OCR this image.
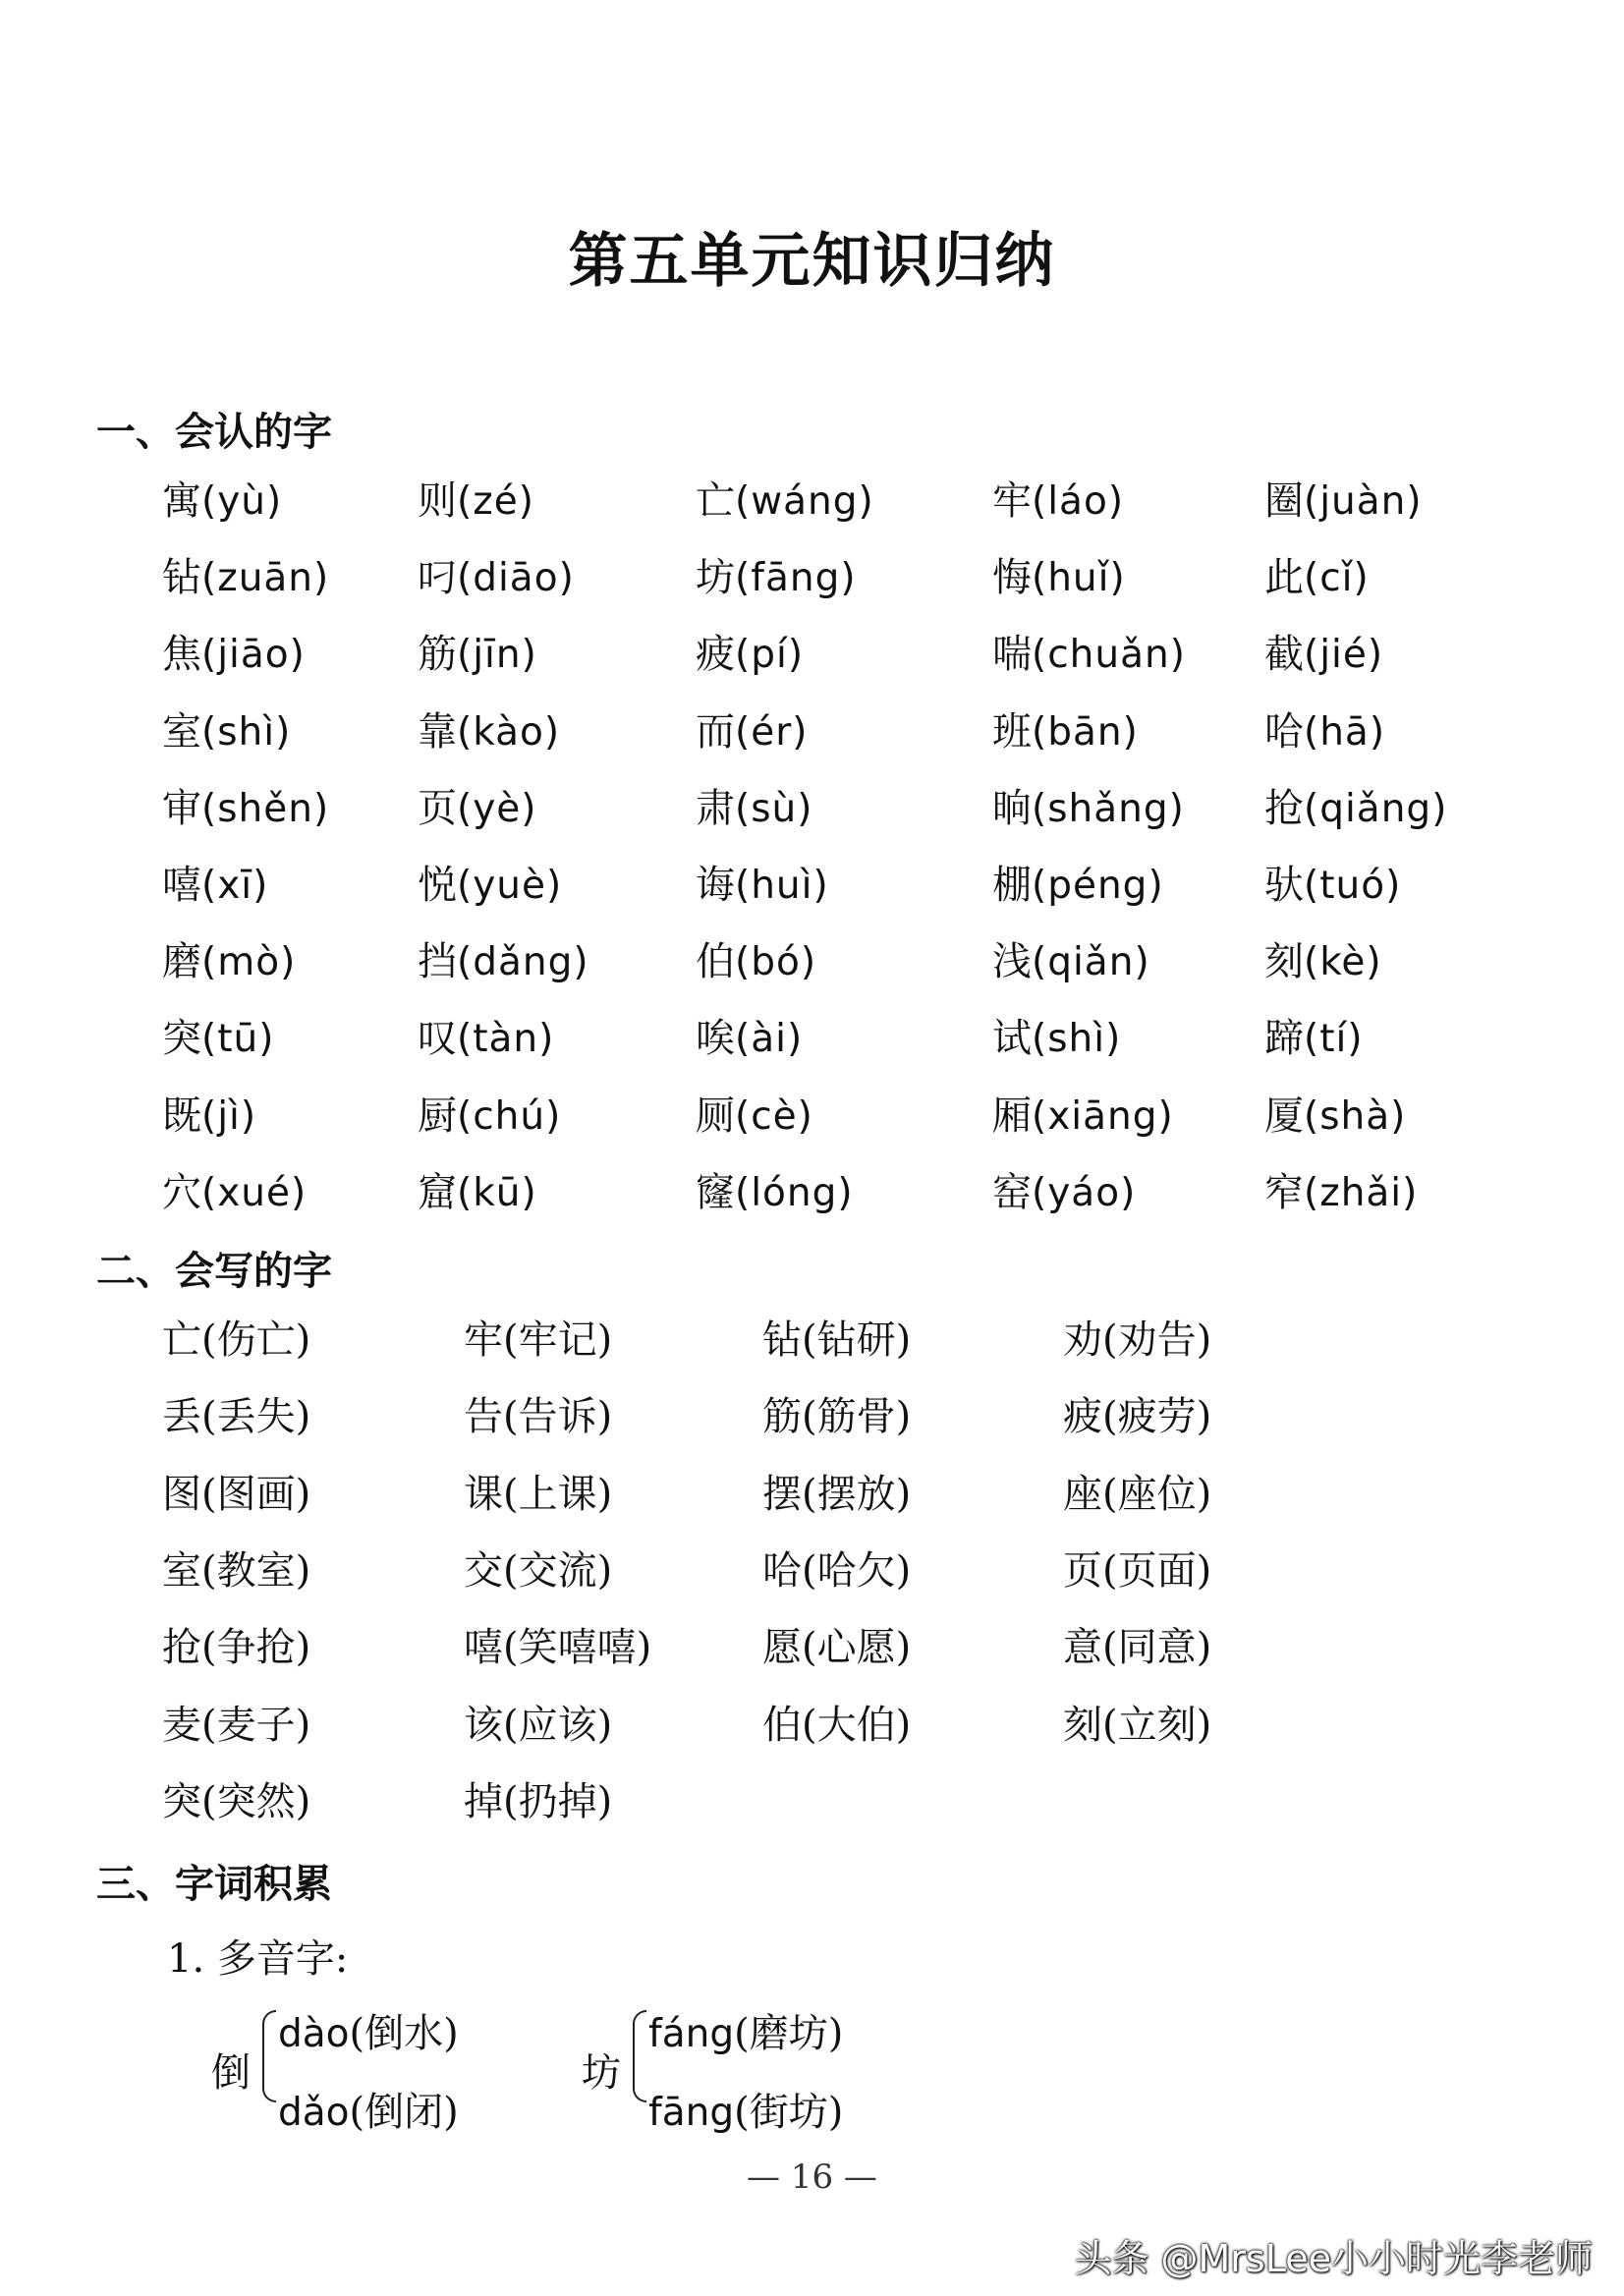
第五单元知识归纳
一、会认的字
寓(yù)	则(zé)	亡(wáng)	牢(láo)	圈(juàn)
钻(zuān) 叼(diāo)	坊(fāng)	悔(huǐ)	此(cǐ)
焦(jiāo)	筋(jīn)	疲(pí)	喘(chuǎn) 截(jié)
室(shì)	靠(kào)	而(ér)	班(bān)	哈(hā)
审(shěn) 页(yè)	肃(sù)	晌(shǎng) 抢(qiǎng)
嘻(xī)	悦(yuè)	诲(huì)	棚(péng)	驮(tuó)
磨(mò)	挡(dǎng)	伯(bó)	浅(qiǎn)	刻(kè)
突(tū)	叹(tàn)	唉(ài)	试(shì)	蹄(tí)
既(jì)	厨(chú)	厕(cè)	厢(xiāng) 厦(shà)
穴(xué)	窟(kū)	窿(lóng)	窑(yáo)	窄(zhǎi)
二、会写的字
亡(伤亡)	牢(牢记)	钻(钻研)	劝(劝告)
丢(丢失)	告(告诉)	筋(筋骨)	疲(疲劳)
图(图画)	课(上课)	摆(摆放)	座(座位)
室(教室)	交(交流)	哈(哈欠)	页(页面)
抢(争抢)	嘻(笑嘻嘻)	愿(心愿)	意(同意)
麦(麦子)	该(应该)	伯(大伯)	刻(立刻)
突(突然)	掉(扔掉)
三、字词积累
1. 多音字:
倒
dào(倒水)
dǎo(倒闭)
坊
fáng(磨坊)
fāng(街坊)
— 16 —
头条 @MrsLee小小时光李老师
